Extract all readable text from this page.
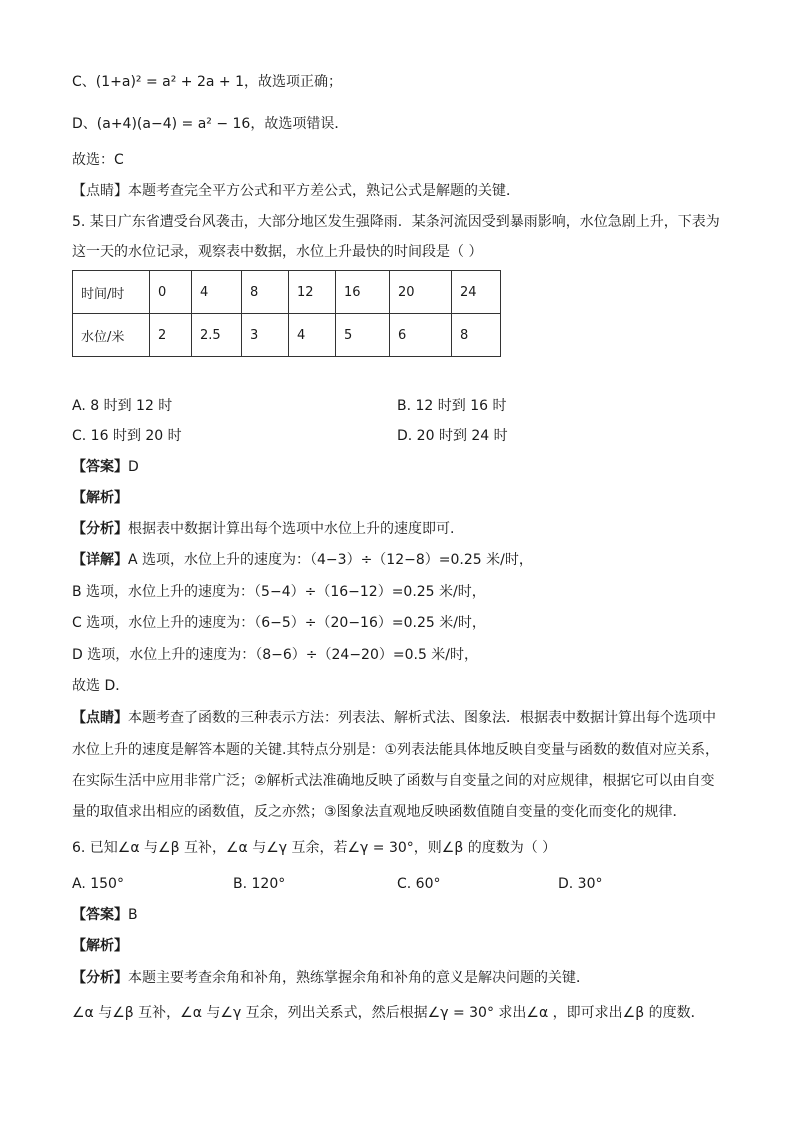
C、(1+a)² = a² + 2a + 1，故选项正确；
D、(a+4)(a−4) = a² − 16，故选项错误．
故选：C
【点睛】本题考查完全平方公式和平方差公式，熟记公式是解题的关键．
5. 某日广东省遭受台风袭击，大部分地区发生强降雨．某条河流因受到暴雨影响，水位急剧上升，下表为
这一天的水位记录，观察表中数据，水位上升最快的时间段是（ ）
时间/时	0	4	8	12	16	20	24
水位/米	2	2.5	3	4	5	6	8
A. 8 时到 12 时	B. 12 时到 16 时
C. 16 时到 20 时	D. 20 时到 24 时
【答案】D
【解析】
【分析】根据表中数据计算出每个选项中水位上升的速度即可.
【详解】A 选项，水位上升的速度为：（4−3）÷（12−8）=0.25 米/时，
B 选项，水位上升的速度为：（5−4）÷（16−12）=0.25 米/时，
C 选项，水位上升的速度为：（6−5）÷（20−16）=0.25 米/时，
D 选项，水位上升的速度为：（8−6）÷（24−20）=0.5 米/时，
故选 D．
【点睛】本题考查了函数的三种表示方法：列表法、解析式法、图象法．根据表中数据计算出每个选项中
水位上升的速度是解答本题的关键.其特点分别是：①列表法能具体地反映自变量与函数的数值对应关系，
在实际生活中应用非常广泛；②解析式法准确地反映了函数与自变量之间的对应规律，根据它可以由自变
量的取值求出相应的函数值，反之亦然；③图象法直观地反映函数值随自变量的变化而变化的规律．
6. 已知∠α 与∠β 互补，∠α 与∠γ 互余，若∠γ = 30°，则∠β 的度数为（ ）
A. 150°	B. 120°	C. 60°	D. 30°
【答案】B
【解析】
【分析】本题主要考查余角和补角，熟练掌握余角和补角的意义是解决问题的关键．
∠α 与∠β 互补，∠α 与∠γ 互余，列出关系式，然后根据∠γ = 30° 求出∠α ，即可求出∠β 的度数．
